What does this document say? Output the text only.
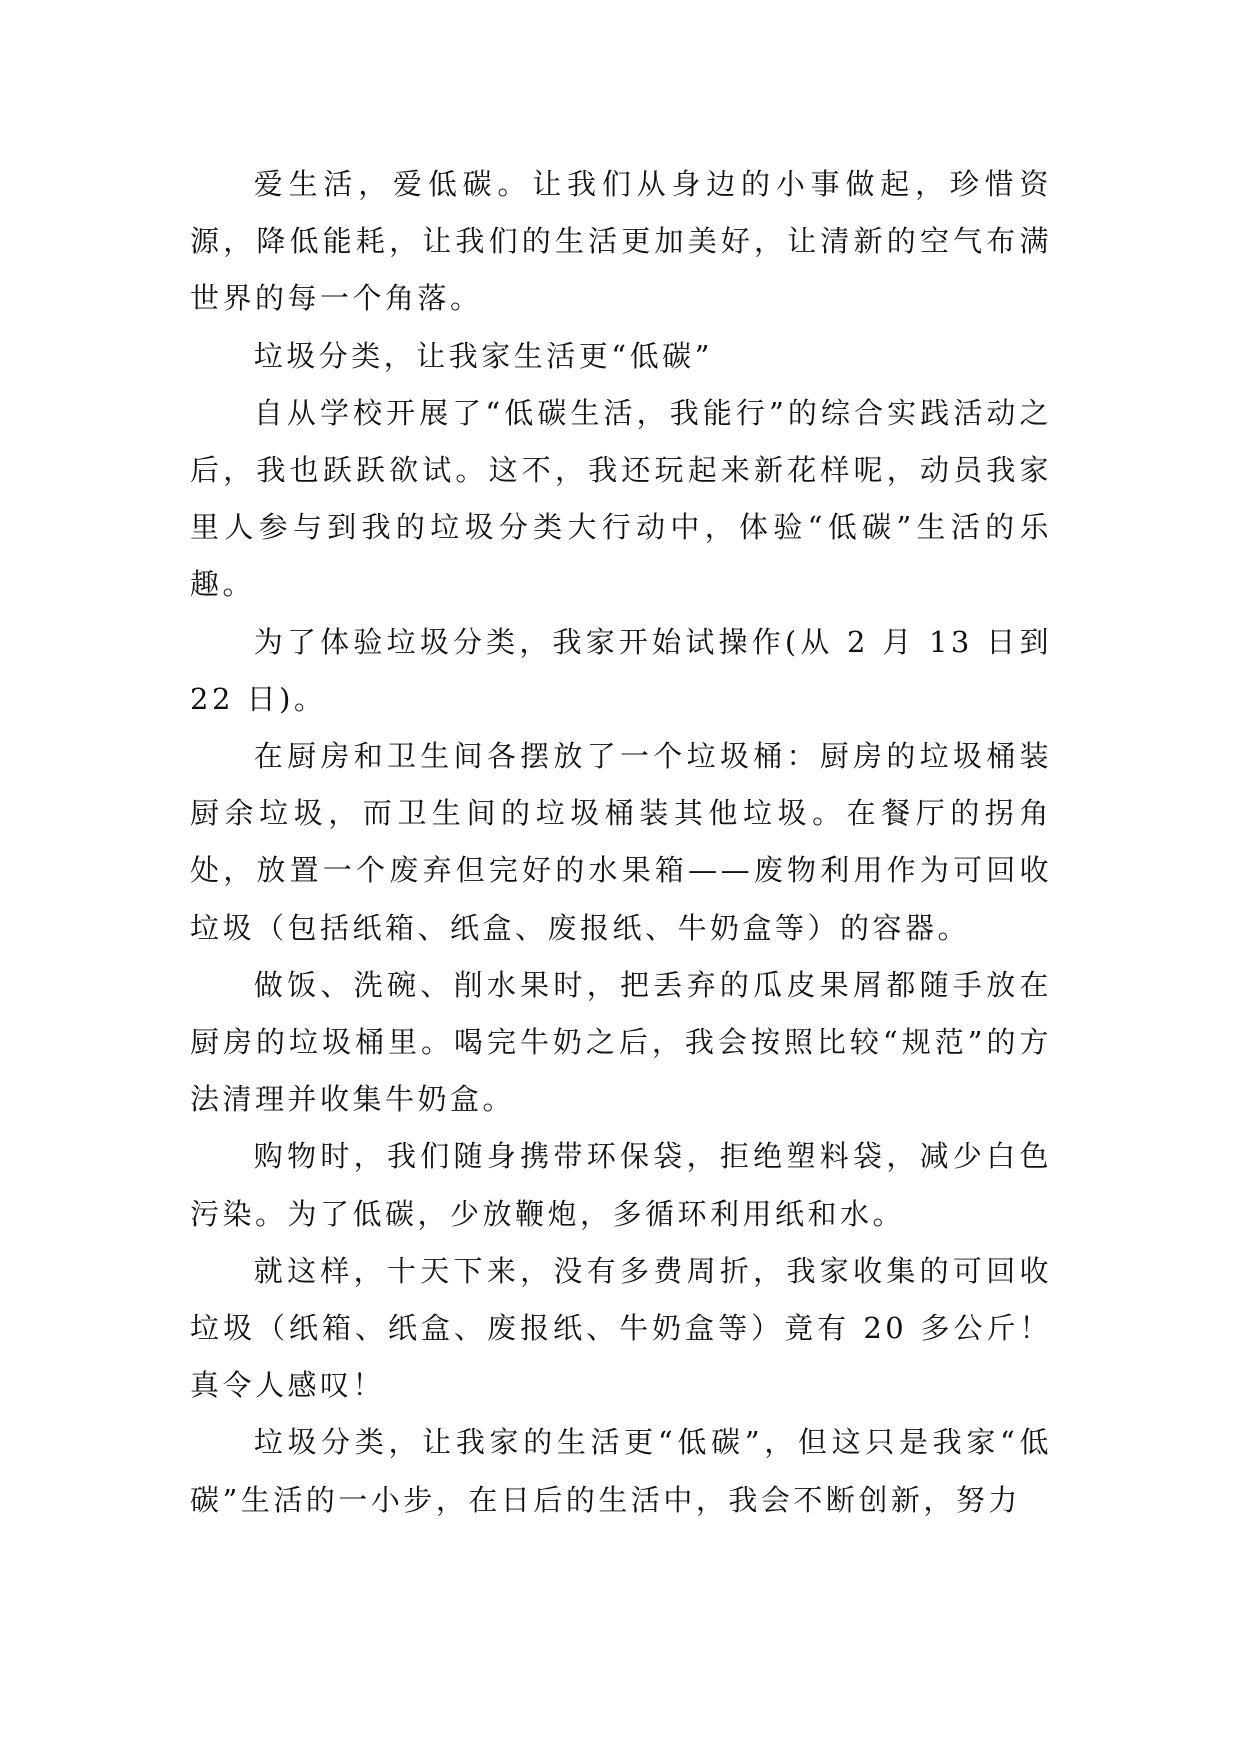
爱生活，爱低碳。让我们从身边的小事做起，珍惜资源，降低能耗，让我们的生活更加美好，让清新的空气布满世界的每一个角落。

垃圾分类，让我家生活更“低碳”

自从学校开展了“低碳生活，我能行”的综合实践活动之后，我也跃跃欲试。这不，我还玩起来新花样呢，动员我家里人参与到我的垃圾分类大行动中，体验“低碳”生活的乐趣。

为了体验垃圾分类，我家开始试操作(从 2 月 13 日到 22 日)。

在厨房和卫生间各摆放了一个垃圾桶：厨房的垃圾桶装厨余垃圾，而卫生间的垃圾桶装其他垃圾。在餐厅的拐角处，放置一个废弃但完好的水果箱——废物利用作为可回收垃圾（包括纸箱、纸盒、废报纸、牛奶盒等）的容器。

做饭、洗碗、削水果时，把丢弃的瓜皮果屑都随手放在厨房的垃圾桶里。喝完牛奶之后，我会按照比较“规范”的方法清理并收集牛奶盒。

购物时，我们随身携带环保袋，拒绝塑料袋，减少白色污染。为了低碳，少放鞭炮，多循环利用纸和水。

就这样，十天下来，没有多费周折，我家收集的可回收垃圾（纸箱、纸盒、废报纸、牛奶盒等）竟有 20 多公斤！真令人感叹！

垃圾分类，让我家的生活更“低碳”，但这只是我家“低碳”生活的一小步，在日后的生活中，我会不断创新，努力
